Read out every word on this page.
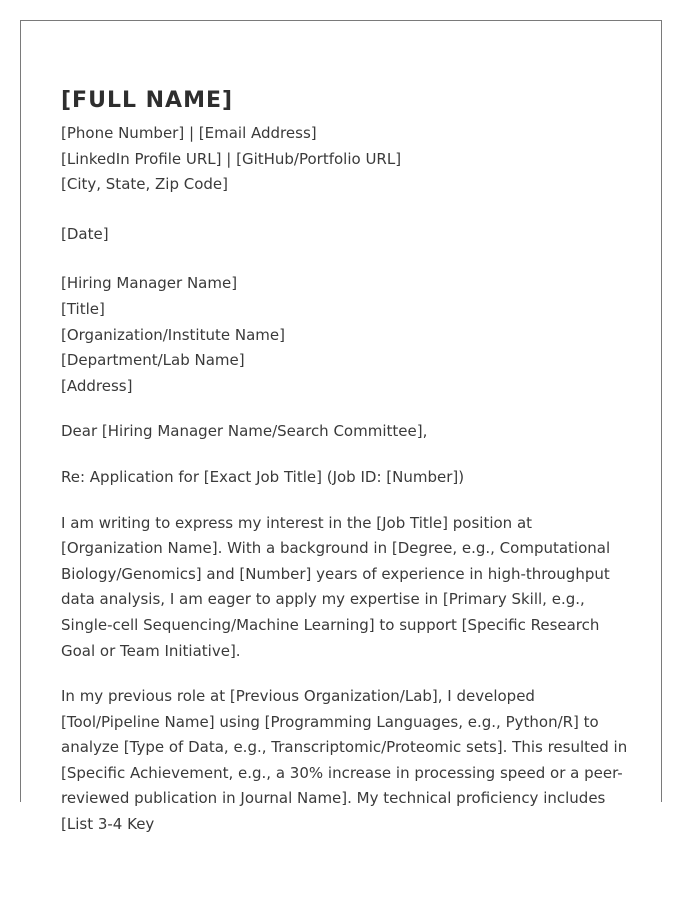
[FULL NAME]
[Phone Number] | [Email Address]
[LinkedIn Profile URL] | [GitHub/Portfolio URL]
[City, State, Zip Code]
[Date]
[Hiring Manager Name]
[Title]
[Organization/Institute Name]
[Department/Lab Name]
[Address]
Dear [Hiring Manager Name/Search Committee],
Re: Application for [Exact Job Title] (Job ID: [Number])

I am writing to express my interest in the [Job Title] position at [Organization Name]. With a background in [Degree, e.g., Computational Biology/Genomics] and [Number] years of experience in high-throughput data analysis, I am eager to apply my expertise in [Primary Skill, e.g., Single-cell Sequencing/Machine Learning] to support [Specific Research Goal or Team Initiative].

In my previous role at [Previous Organization/Lab], I developed [Tool/Pipeline Name] using [Programming Languages, e.g., Python/R] to analyze [Type of Data, e.g., Transcriptomic/Proteomic sets]. This resulted in [Specific Achievement, e.g., a 30% increase in processing speed or a peer-reviewed publication in Journal Name]. My technical proficiency includes [List 3-4 Key
